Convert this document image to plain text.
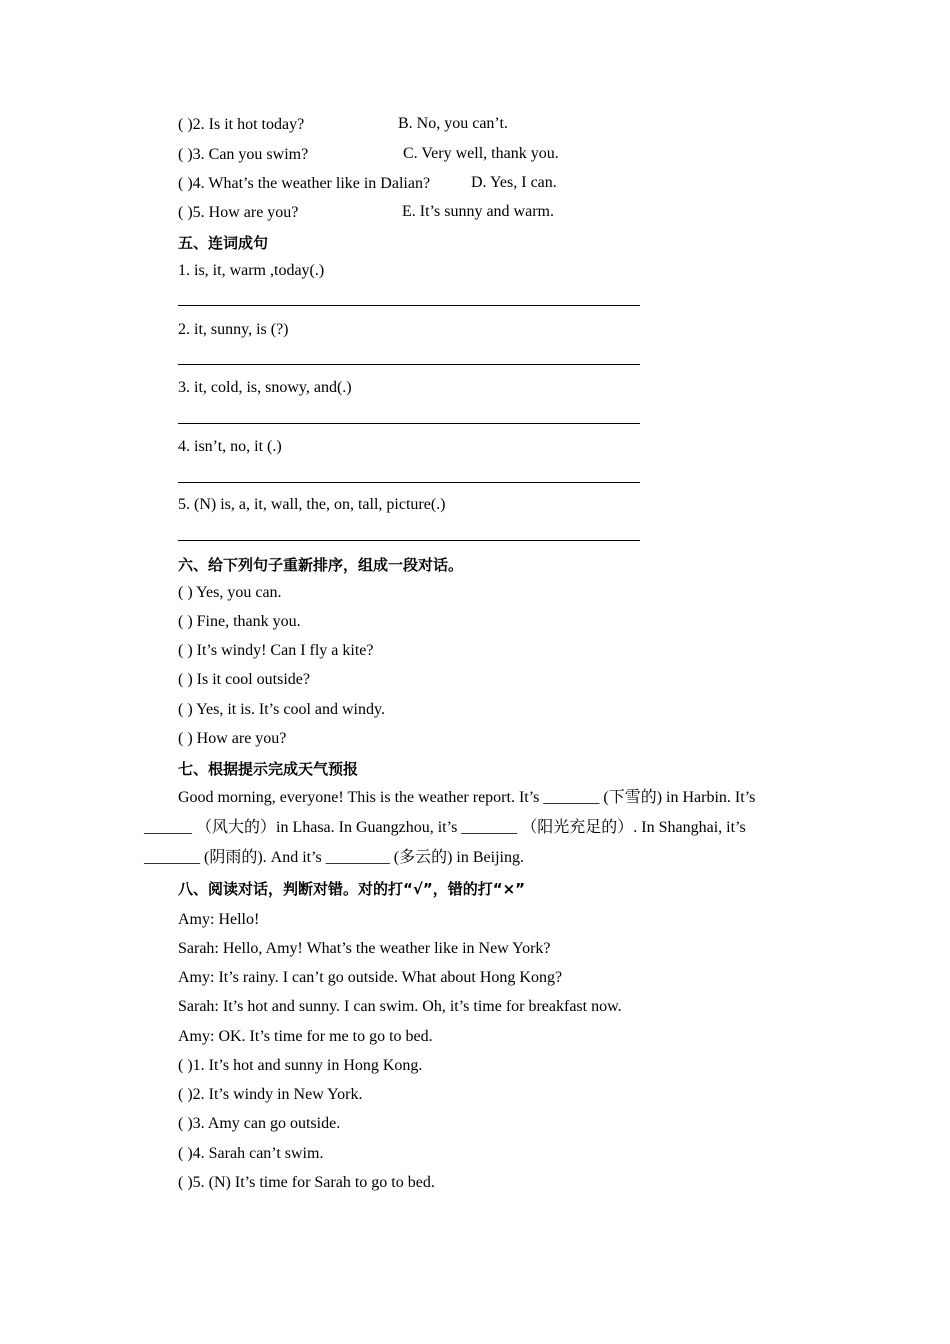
( )2. Is it hot today?	B. No, you can’t.
( )3. Can you swim?	C. Very well, thank you.
( )4. What’s the weather like in Dalian?	D. Yes, I can.
( )5. How are you?	E. It’s sunny and warm.
五、连词成句
1. is, it, warm ,today(.)
2. it, sunny, is (?)
3. it, cold, is, snowy, and(.)
4. isn’t, no, it (.)
5. (N) is, a, it, wall, the, on, tall, picture(.)
六、给下列句子重新排序，组成一段对话。
( ) Yes, you can.
( ) Fine, thank you.
( ) It’s windy! Can I fly a kite?
( ) Is it cool outside?
( ) Yes, it is. It’s cool and windy.
( ) How are you?
七、根据提示完成天气预报
Good morning, everyone! This is the weather report. It’s _______ (下雪的) in Harbin. It’s
______ （风大的）in Lhasa. In Guangzhou, it’s _______ （阳光充足的）. In Shanghai, it’s
_______ (阴雨的). And it’s ________ (多云的) in Beijing.
八、阅读对话，判断对错。对的打“√”，错的打“×”
Amy: Hello!
Sarah: Hello, Amy! What’s the weather like in New York?
Amy: It’s rainy. I can’t go outside. What about Hong Kong?
Sarah: It’s hot and sunny. I can swim. Oh, it’s time for breakfast now.
Amy: OK. It’s time for me to go to bed.
( )1. It’s hot and sunny in Hong Kong.
( )2. It’s windy in New York.
( )3. Amy can go outside.
( )4. Sarah can’t swim.
( )5. (N) It’s time for Sarah to go to bed.
